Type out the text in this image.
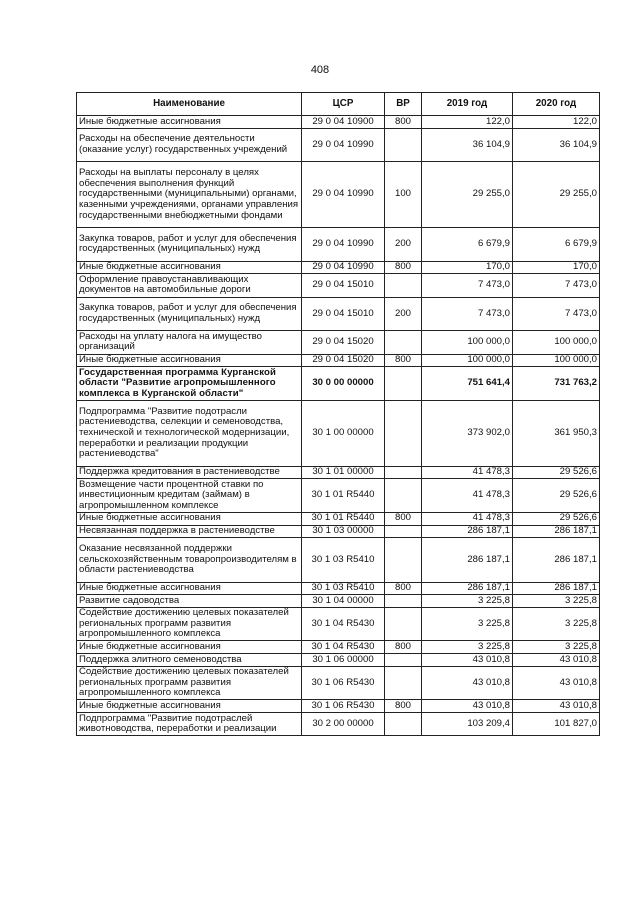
408
Наименование	ЦСР	ВР	2019 год	2020 год
Иные бюджетные ассигнования	29 0 04 10900	800	122,0	122,0
Расходы на обеспечение деятельности (оказание услуг) государственных учреждений	29 0 04 10990		36 104,9	36 104,9
Расходы на выплаты персоналу в целях обеспечения выполнения функций государственными (муниципальными) органами, казенными учреждениями, органами управления государственными внебюджетными фондами	29 0 04 10990	100	29 255,0	29 255,0
Закупка товаров, работ и услуг для обеспечения государственных (муниципальных) нужд	29 0 04 10990	200	6 679,9	6 679,9
Иные бюджетные ассигнования	29 0 04 10990	800	170,0	170,0
Оформление правоустанавливающих документов на автомобильные дороги	29 0 04 15010		7 473,0	7 473,0
Закупка товаров, работ и услуг для обеспечения государственных (муниципальных) нужд	29 0 04 15010	200	7 473,0	7 473,0
Расходы на уплату налога на имущество организаций	29 0 04 15020		100 000,0	100 000,0
Иные бюджетные ассигнования	29 0 04 15020	800	100 000,0	100 000,0
Государственная программа Курганской области "Развитие агропромышленного комплекса в Курганской области"	30 0 00 00000		751 641,4	731 763,2
Подпрограмма "Развитие подотрасли растениеводства, селекции и семеноводства, технической и технологической модернизации, переработки и реализации продукции растениеводства"	30 1 00 00000		373 902,0	361 950,3
Поддержка кредитования в растениеводстве	30 1 01 00000		41 478,3	29 526,6
Возмещение части процентной ставки по инвестиционным кредитам (займам) в агропромышленном комплексе	30 1 01 R5440		41 478,3	29 526,6
Иные бюджетные ассигнования	30 1 01 R5440	800	41 478,3	29 526,6
Несвязанная поддержка в растениеводстве	30 1 03 00000		286 187,1	286 187,1
Оказание несвязанной поддержки сельскохозяйственным товаропроизводителям в области растениеводства	30 1 03 R5410		286 187,1	286 187,1
Иные бюджетные ассигнования	30 1 03 R5410	800	286 187,1	286 187,1
Развитие садоводства	30 1 04 00000		3 225,8	3 225,8
Содействие достижению целевых показателей региональных программ развития агропромышленного комплекса	30 1 04 R5430		3 225,8	3 225,8
Иные бюджетные ассигнования	30 1 04 R5430	800	3 225,8	3 225,8
Поддержка элитного семеноводства	30 1 06 00000		43 010,8	43 010,8
Содействие достижению целевых показателей региональных программ развития агропромышленного комплекса	30 1 06 R5430		43 010,8	43 010,8
Иные бюджетные ассигнования	30 1 06 R5430	800	43 010,8	43 010,8
Подпрограмма "Развитие подотраслей животноводства, переработки и реализации	30 2 00 00000		103 209,4	101 827,0
